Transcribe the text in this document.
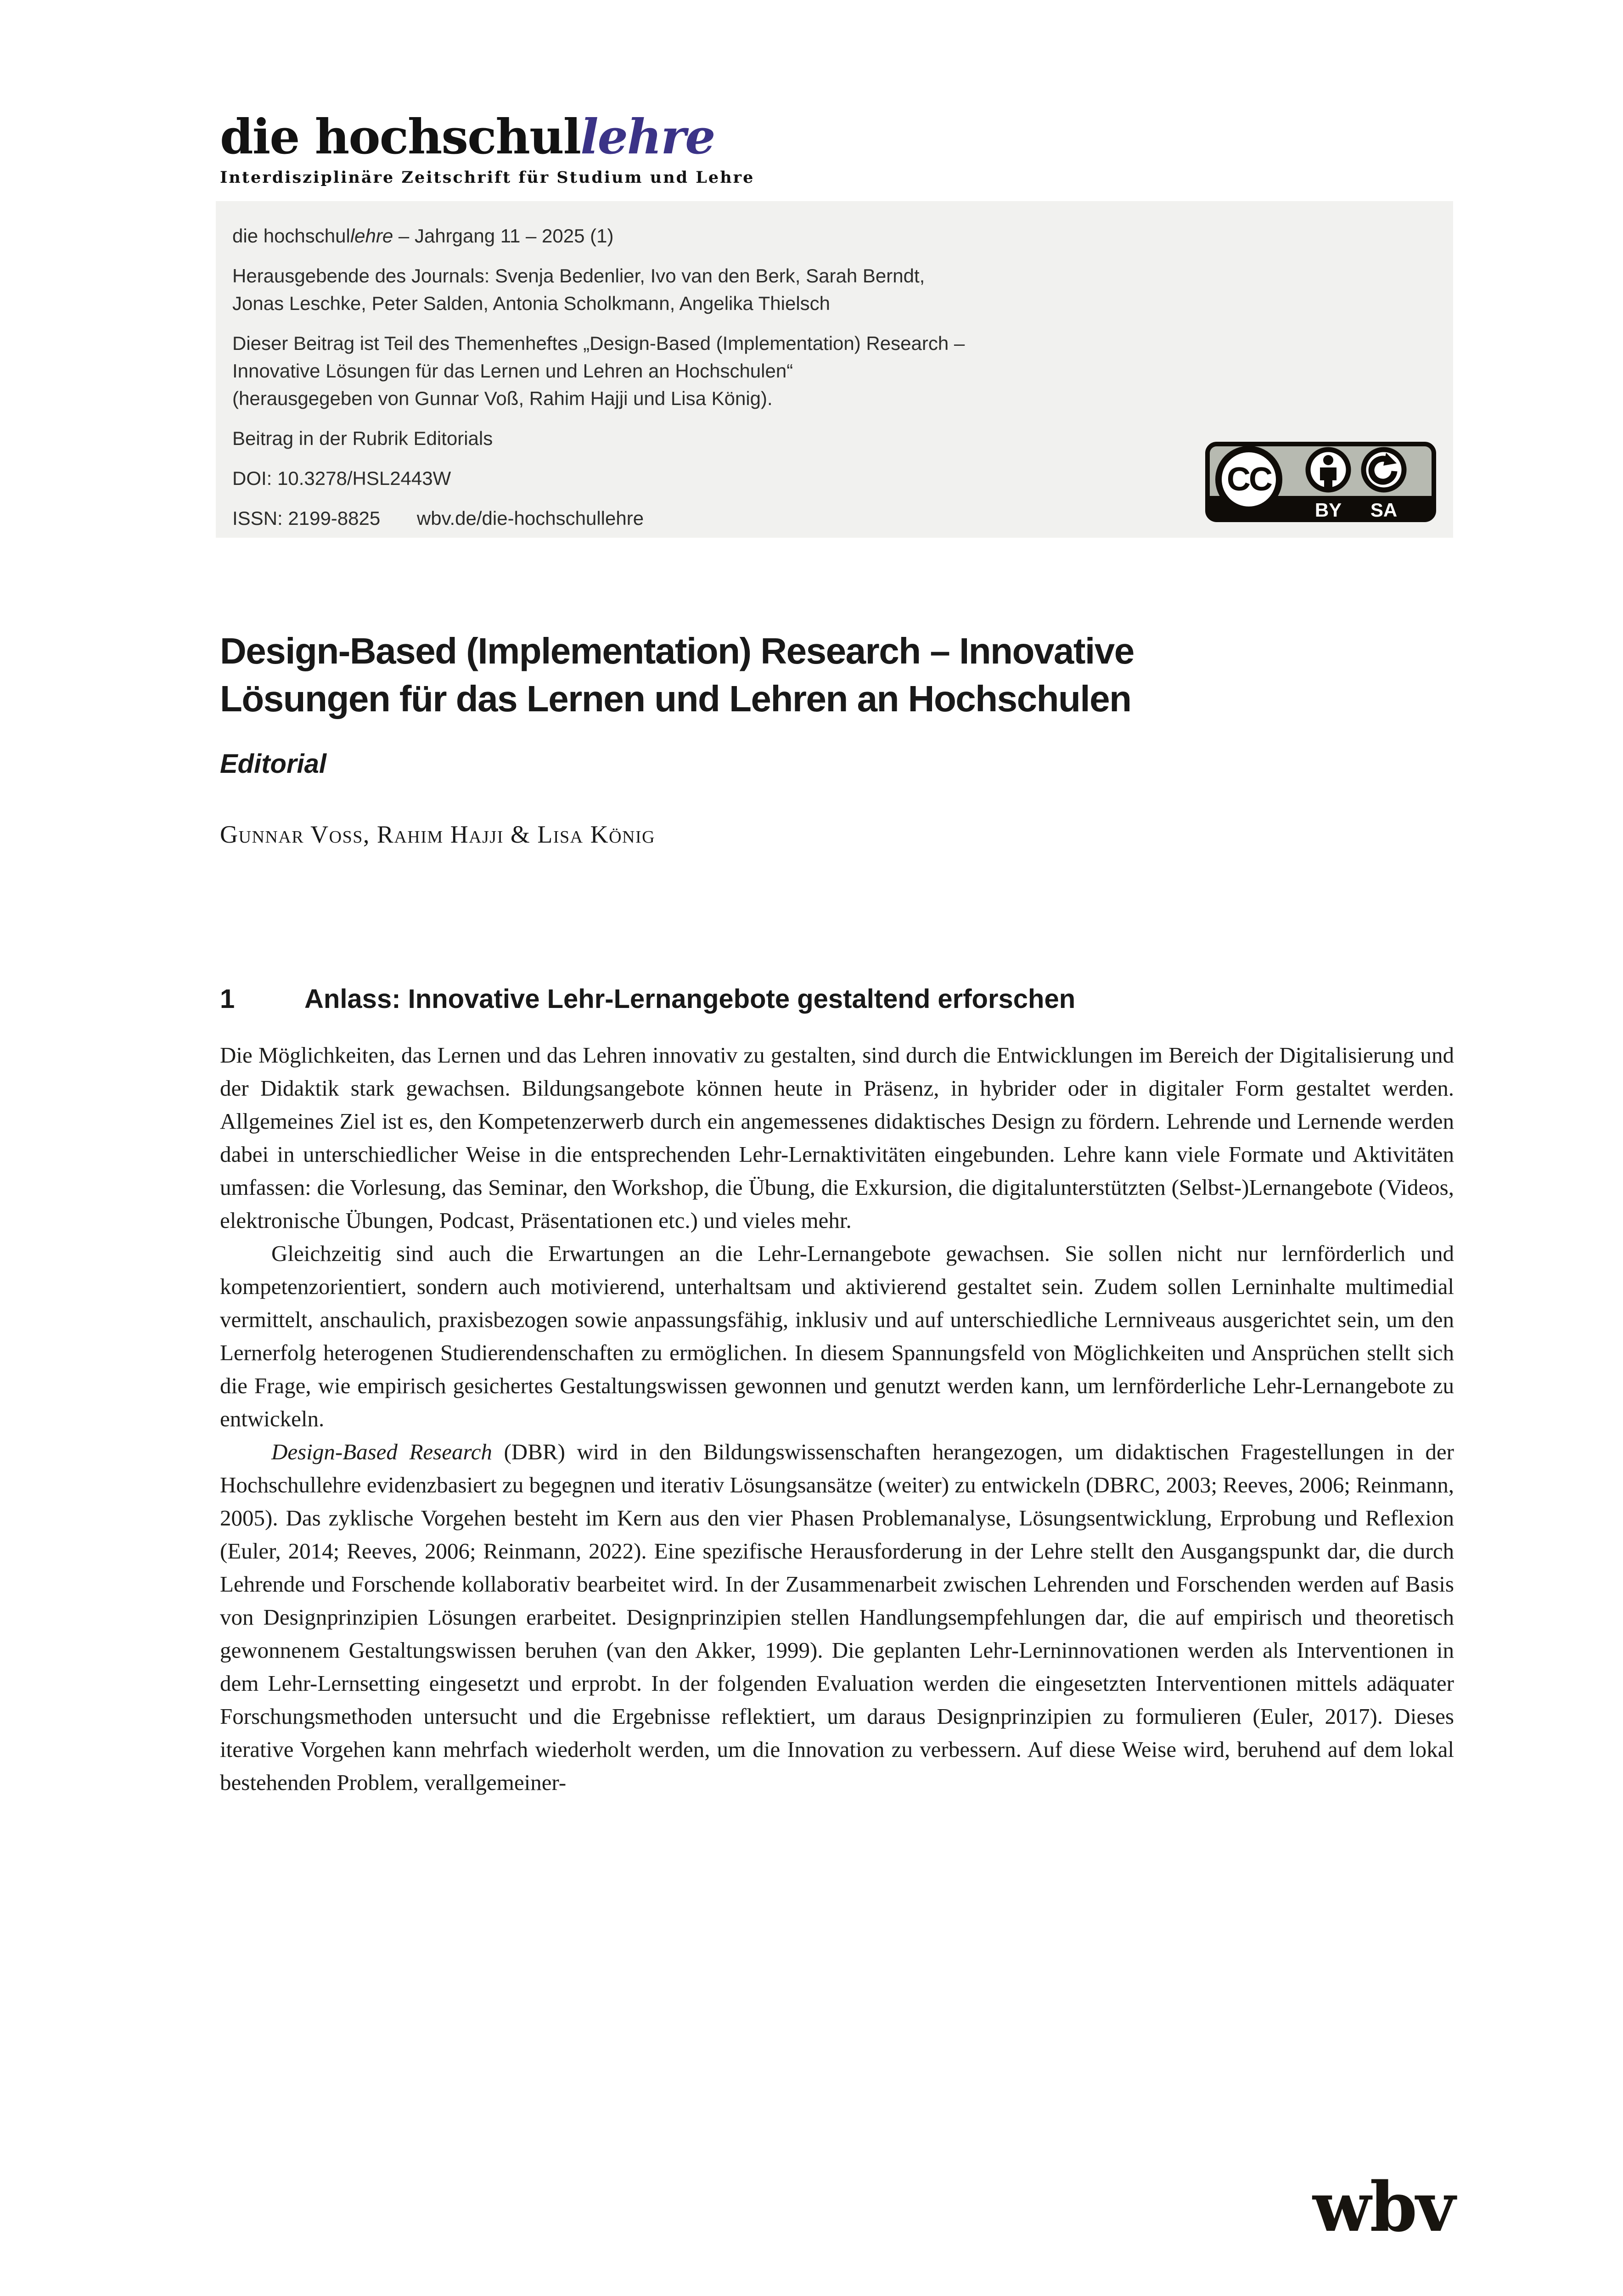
die hochschullehre
Interdisziplinäre Zeitschrift für Studium und Lehre
die hochschullehre – Jahrgang 11 – 2025 (1)
Herausgebende des Journals: Svenja Bedenlier, Ivo van den Berk, Sarah Berndt,
Jonas Leschke, Peter Salden, Antonia Scholkmann, Angelika Thielsch
Dieser Beitrag ist Teil des Themenheftes „Design-Based (Implementation) Research –
Innovative Lösungen für das Lernen und Lehren an Hochschulen“
(herausgegeben von Gunnar Voß, Rahim Hajji und Lisa König).
Beitrag in der Rubrik Editorials
DOI: 10.3278/HSL2443W
ISSN: 2199-8825 wbv.de/die-hochschullehre
CC
BY SA
Design-Based (Implementation) Research – Innovative
Lösungen für das Lernen und Lehren an Hochschulen
Editorial
Gunnar Voss, Rahim Hajji & Lisa König
1	Anlass: Innovative Lehr-Lernangebote gestaltend erforschen

Die Möglichkeiten, das Lernen und das Lehren innovativ zu gestalten, sind durch die Entwicklungen im Bereich der Digitalisierung und der Didaktik stark gewachsen. Bildungsangebote können heute in Präsenz, in hybrider oder in digitaler Form gestaltet werden. Allgemeines Ziel ist es, den Kompetenzerwerb durch ein angemessenes didaktisches Design zu fördern. Lehrende und Lernende werden dabei in unterschiedlicher Weise in die entsprechenden Lehr-Lernaktivitäten eingebunden. Lehre kann viele Formate und Aktivitäten umfassen: die Vorlesung, das Seminar, den Workshop, die Übung, die Exkursion, die digitalunterstützten (Selbst-)Lernangebote (Videos, elektronische Übungen, Podcast, Präsentationen etc.) und vieles mehr.

Gleichzeitig sind auch die Erwartungen an die Lehr-Lernangebote gewachsen. Sie sollen nicht nur lernförderlich und kompetenzorientiert, sondern auch motivierend, unterhaltsam und aktivierend gestaltet sein. Zudem sollen Lerninhalte multimedial vermittelt, anschaulich, praxisbezogen sowie anpassungsfähig, inklusiv und auf unterschiedliche Lernniveaus ausgerichtet sein, um den Lernerfolg heterogenen Studierendenschaften zu ermöglichen. In diesem Spannungsfeld von Möglichkeiten und Ansprüchen stellt sich die Frage, wie empirisch gesichertes Gestaltungswissen gewonnen und genutzt werden kann, um lernförderliche Lehr-Lernangebote zu entwickeln.

Design-Based Research (DBR) wird in den Bildungswissenschaften herangezogen, um didaktischen Fragestellungen in der Hochschullehre evidenzbasiert zu begegnen und iterativ Lösungsansätze (weiter) zu entwickeln (DBRC, 2003; Reeves, 2006; Reinmann, 2005). Das zyklische Vorgehen besteht im Kern aus den vier Phasen Problemanalyse, Lösungsentwicklung, Erprobung und Reflexion (Euler, 2014; Reeves, 2006; Reinmann, 2022). Eine spezifische Herausforderung in der Lehre stellt den Ausgangspunkt dar, die durch Lehrende und Forschende kollaborativ bearbeitet wird. In der Zusammenarbeit zwischen Lehrenden und Forschenden werden auf Basis von Designprinzipien Lösungen erarbeitet. Designprinzipien stellen Handlungsempfehlungen dar, die auf empirisch und theoretisch gewonnenem Gestaltungswissen beruhen (van den Akker, 1999). Die geplanten Lehr-Lerninnovationen werden als Interventionen in dem Lehr-Lernsetting eingesetzt und erprobt. In der folgenden Evaluation werden die eingesetzten Interventionen mittels adäquater Forschungsmethoden untersucht und die Ergebnisse reflektiert, um daraus Designprinzipien zu formulieren (Euler, 2017). Dieses iterative Vorgehen kann mehrfach wiederholt werden, um die Innovation zu verbessern. Auf diese Weise wird, beruhend auf dem lokal bestehenden Problem, verallgemeiner-

wbv
